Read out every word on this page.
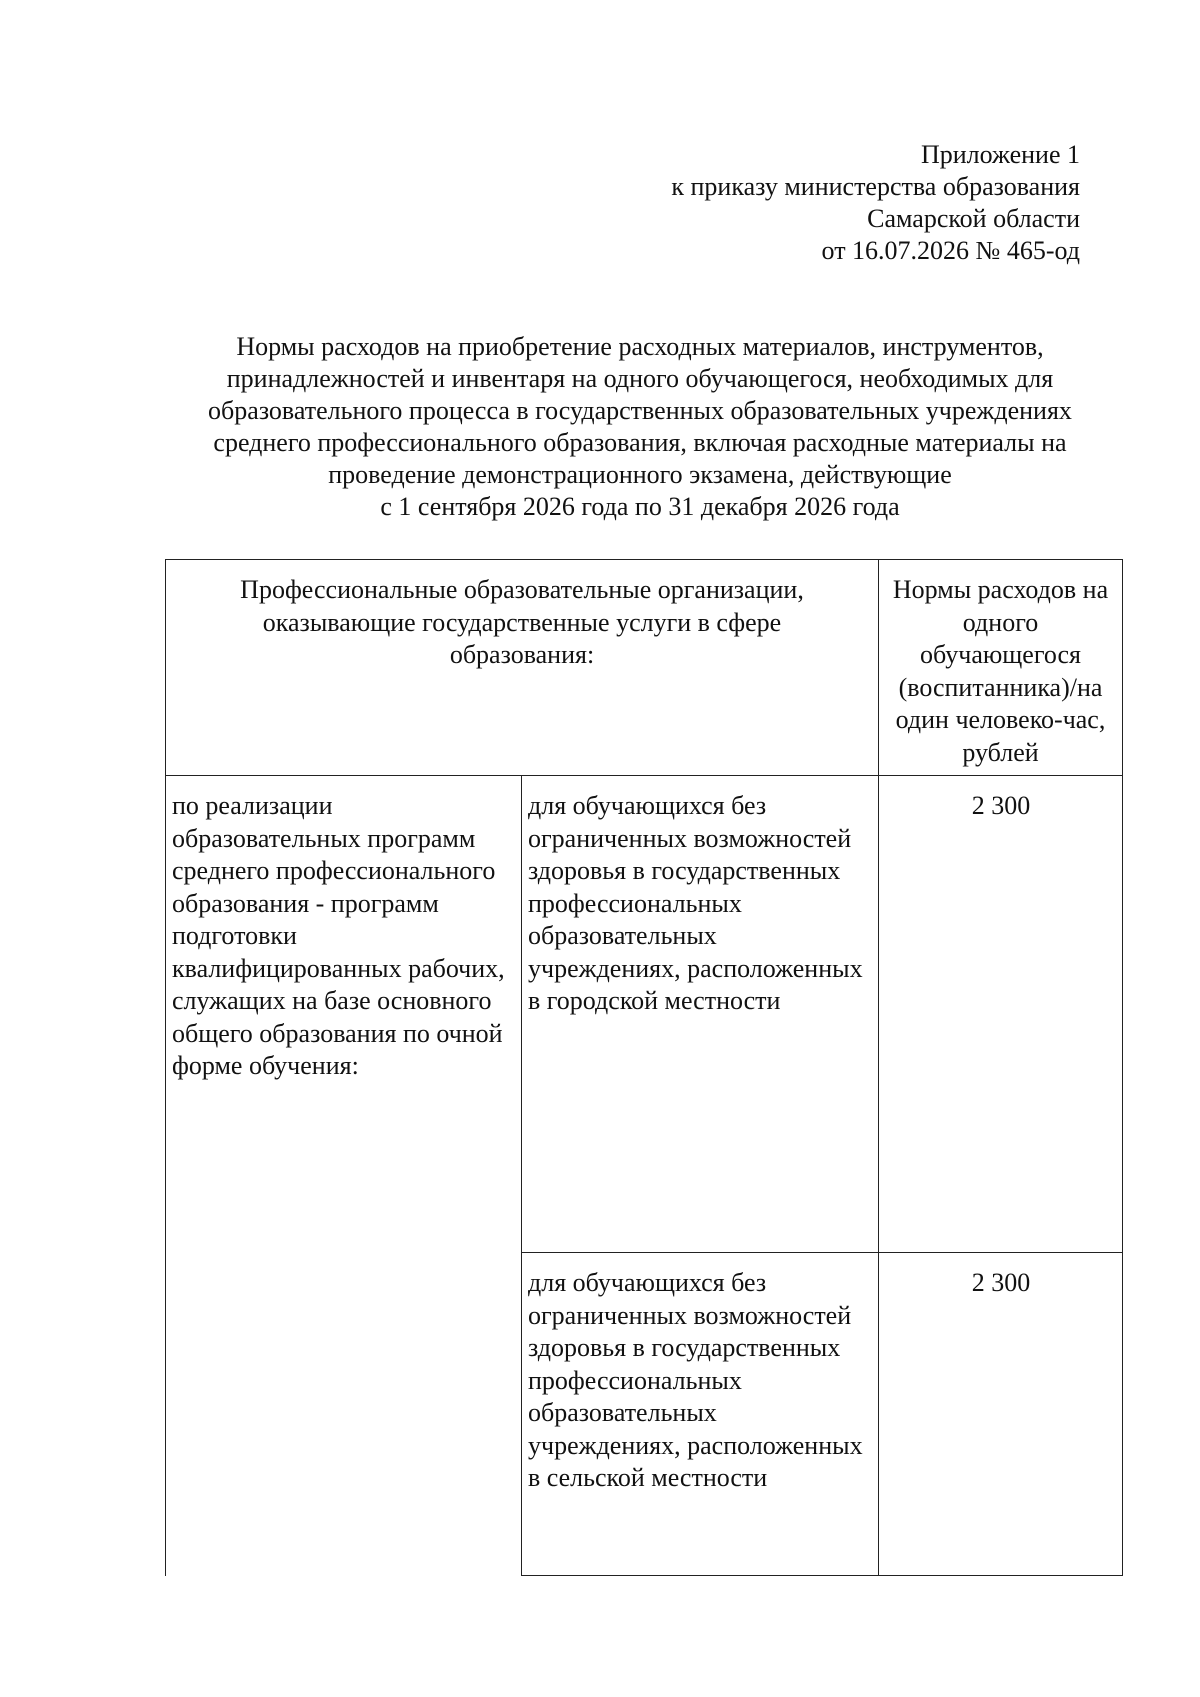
Приложение 1
к приказу министерства образования
Самарской области
от 16.07.2026 № 465-од
Нормы расходов на приобретение расходных материалов, инструментов,
принадлежностей и инвентаря на одного обучающегося, необходимых для
образовательного процесса в государственных образовательных учреждениях
среднего профессионального образования, включая расходные материалы на
проведение демонстрационного экзамена, действующие
с 1 сентября 2026 года по 31 декабря 2026 года
Профессиональные образовательные организации, оказывающие государственные услуги в сфере образования:		Нормы расходов на одного обучающегося (воспитанника)/на один человеко-час, рублей
по реализации образовательных программ среднего профессионального образования - программ подготовки квалифицированных рабочих, служащих на базе основного общего образования по очной форме обучения:	для обучающихся без ограниченных возможностей здоровья в государственных профессиональных образовательных учреждениях, расположенных в городской местности	2 300
	для обучающихся без ограниченных возможностей здоровья в государственных профессиональных образовательных учреждениях, расположенных в сельской местности	2 300
